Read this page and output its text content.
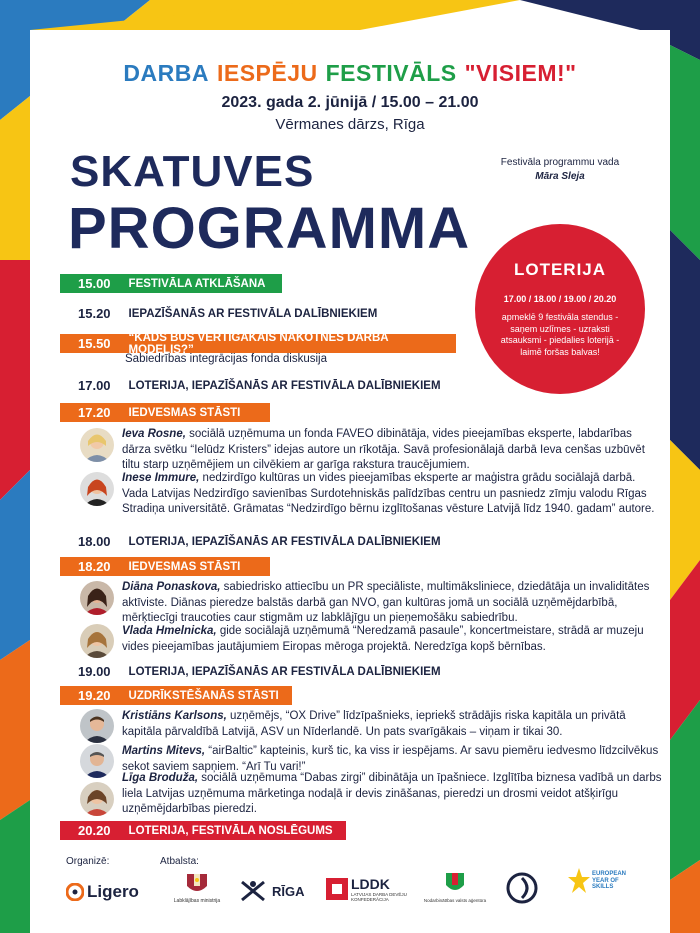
DARBA IESPĒJU FESTIVĀLS "VISIEM!"
2023. gada 2. jūnijā / 15.00 – 21.00
Vērmanes dārzs, Rīga
SKATUVES
PROGRAMMA
Festivāla programmu vada
Māra Sleja
15.00 FESTIVĀLA ATKLĀŠANA
15.20 IEPAZĪŠANĀS AR FESTIVĀLA DALĪBNIEKIEM
15.50 “KĀDS BŪS VĒRTĪGĀKAIS NĀKOTNES DARBA MODELIS?”
Sabiedrības integrācijas fonda diskusija
17.00 LOTERIJA, IEPAZĪŠANĀS AR FESTIVĀLA DALĪBNIEKIEM
17.20 IEDVESMAS STĀSTI
Ieva Rosne, sociālā uzņēmuma un fonda FAVEO dibinātāja, vides pieejamības eksperte, labdarības dārza svētku “Ielūdz Kristers” idejas autore un rīkotāja. Savā profesionālajā darbā Ieva cenšas uzbūvēt tiltu starp uzņēmējiem un cilvēkiem ar garīga rakstura traucējumiem.
Inese Immure, nedzirdīgo kultūras un vides pieejamības eksperte ar maģistra grādu sociālajā darbā. Vada Latvijas Nedzirdīgo savienības Surdotehniskās palīdzības centru un pasniedz zīmju valodu Rīgas Stradiņa universitātē. Grāmatas “Nedzirdīgo bērnu izglītošanas vēsture Latvijā līdz 1940. gadam” autore.
18.00 LOTERIJA, IEPAZĪŠANĀS AR FESTIVĀLA DALĪBNIEKIEM
18.20 IEDVESMAS STĀSTI
Diāna Ponaskova, sabiedrisko attiecību un PR speciāliste, multimākslinieсe, dziedātāja un invaliditātes aktīviste. Diānas pieredze balstās darbā gan NVO, gan kultūras jomā un sociālā uzņēmējdarbībā, mērķtiecīgi traucoties caur stigmām uz labklājīgu un pieņemošāku sabiedrību.
Vlada Hmelnicka, gide sociālajā uzņēmumā “Neredzamā pasaule”, koncertmeistare, strādā ar muzeju vides pieejamības jautājumiem Eiropas mēroga projektā. Neredzīga kopš bērnības.
19.00 LOTERIJA, IEPAZĪŠANĀS AR FESTIVĀLA DALĪBNIEKIEM
19.20 UZDRĪKSTĒŠANĀS STĀSTI
Kristiāns Karlsons, uzņēmējs, “OX Drive” līdzīpašnieks, iepriekš strādājis riska kapitāla un privātā kapitāla pārvaldībā Latvijā, ASV un Nīderlandē. Un pats svarīgākais – viņam ir tikai 30.
Martins Mitevs, “airBaltic” kapteinis, kurš tic, ka viss ir iespējams. Ar savu piemēru iedvesmo līdzcilvēkus sekot saviem sapņiem. “Arī Tu vari!”
Līga Broduža, sociālā uzņēmuma “Dabas zirgi” dibinātāja un īpašniece. Izglītība biznesa vadībā un darbs liela Latvijas uzņēmuma mārketinga nodaļā ir devis zināšanas, pieredzi un drosmi veidot atšķirīgu uzņēmējdarbības pieredzi.
20.20 LOTERIJA, FESTIVĀLA NOSLĒGUMS
Organizē:	Atbalsta:
Ligero	Labklājības ministrija
RĪGA	LDDK
LATVIJAS DARBA DEVĒJU KONFEDERĀCIJA	Nodarbinātības valsts aģentūra
EUROPEAN YEAR OF SKILLS
LOTERIJA
17.00 / 18.00 / 19.00 / 20.20
apmeklē 9 festivāla stendus - saņem uzlīmes - uzraksti atsauksmi - piedalies loterijā - laimē foršas balvas!
